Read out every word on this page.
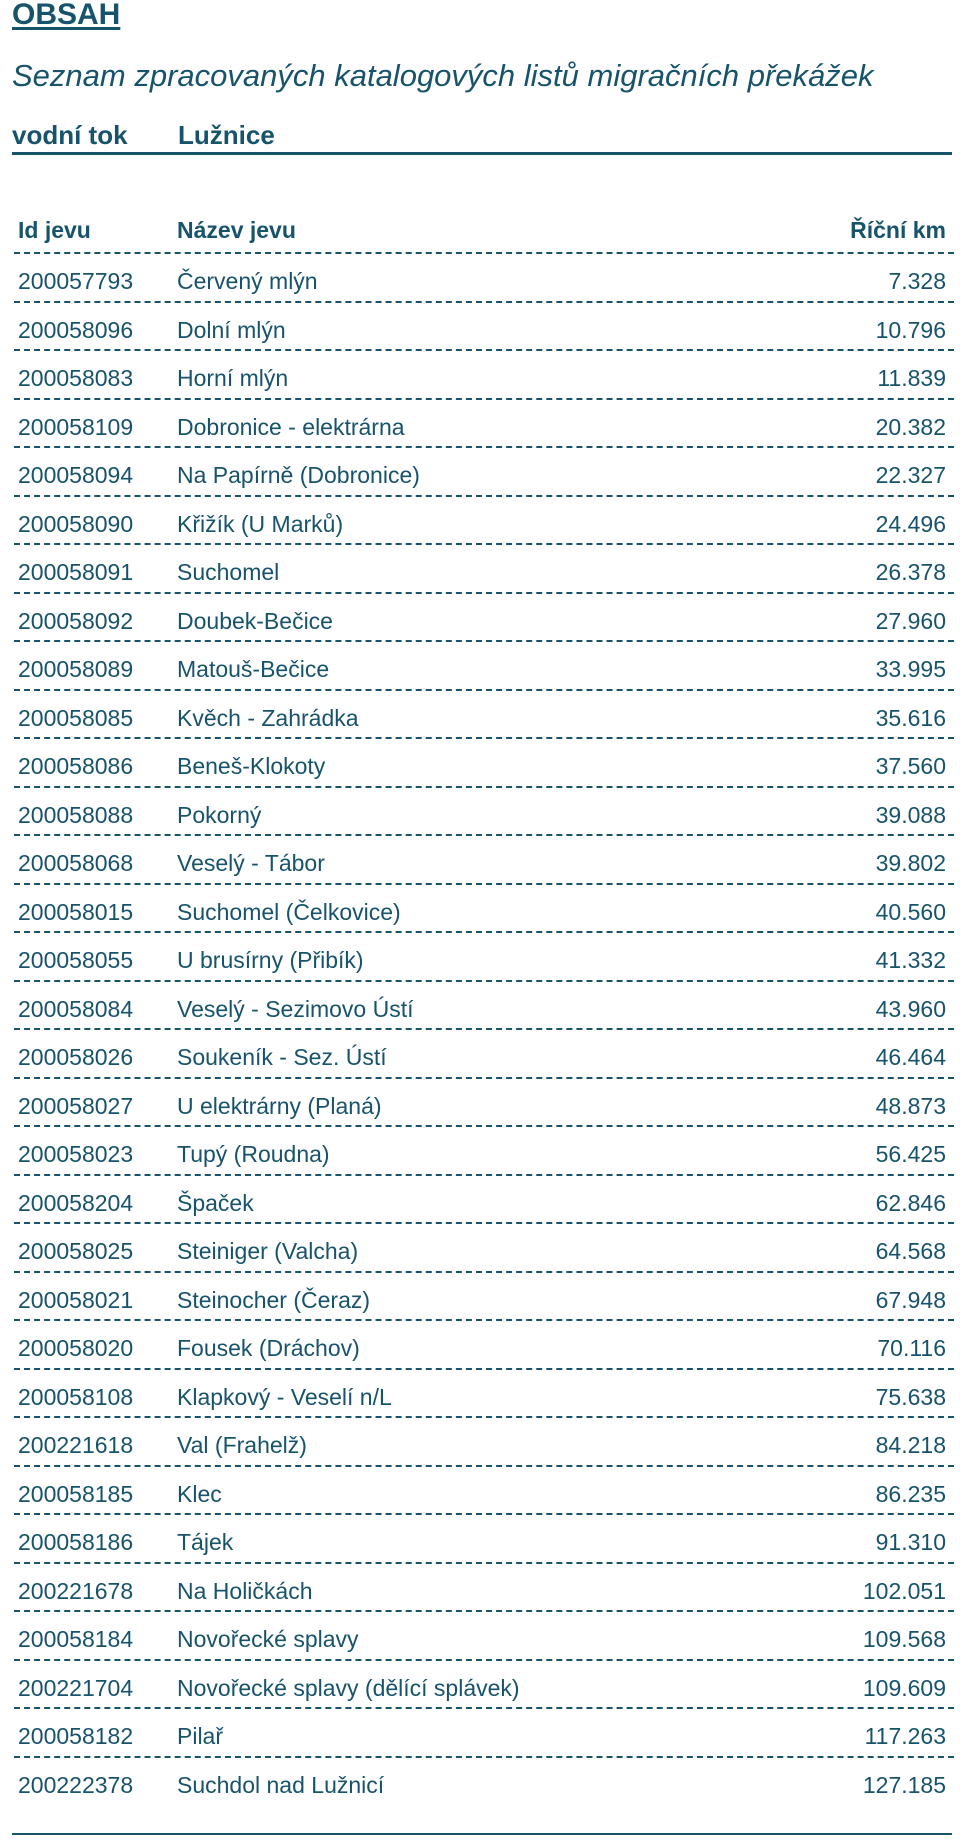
OBSAH
Seznam zpracovaných katalogových listů migračních překážek
vodní tok Lužnice
Id jevu	Název jevu	Říční km
200057793 Červený mlýn	7.328
200058096 Dolní mlýn	10.796
200058083 Horní mlýn	11.839
200058109 Dobronice - elektrárna	20.382
200058094 Na Papírně (Dobronice)	22.327
200058090 Křižík (U Marků)	24.496
200058091 Suchomel	26.378
200058092 Doubek-Bečice	27.960
200058089 Matouš-Bečice	33.995
200058085 Kvěch - Zahrádka	35.616
200058086 Beneš-Klokoty	37.560
200058088 Pokorný	39.088
200058068 Veselý - Tábor	39.802
200058015 Suchomel (Čelkovice)	40.560
200058055 U brusírny (Přibík)	41.332
200058084 Veselý - Sezimovo Ústí	43.960
200058026 Soukeník - Sez. Ústí	46.464
200058027 U elektrárny (Planá)	48.873
200058023 Tupý (Roudna)	56.425
200058204 Špaček	62.846
200058025 Steiniger (Valcha)	64.568
200058021 Steinocher (Čeraz)	67.948
200058020 Fousek (Dráchov)	70.116
200058108 Klapkový - Veselí n/L	75.638
200221618 Val (Frahelž)	84.218
200058185 Klec	86.235
200058186 Tájek	91.310
200221678 Na Holičkách	102.051
200058184 Novořecké splavy	109.568
200221704 Novořecké splavy (dělící splávek)	109.609
200058182 Pilař	117.263
200222378 Suchdol nad Lužnicí	127.185
